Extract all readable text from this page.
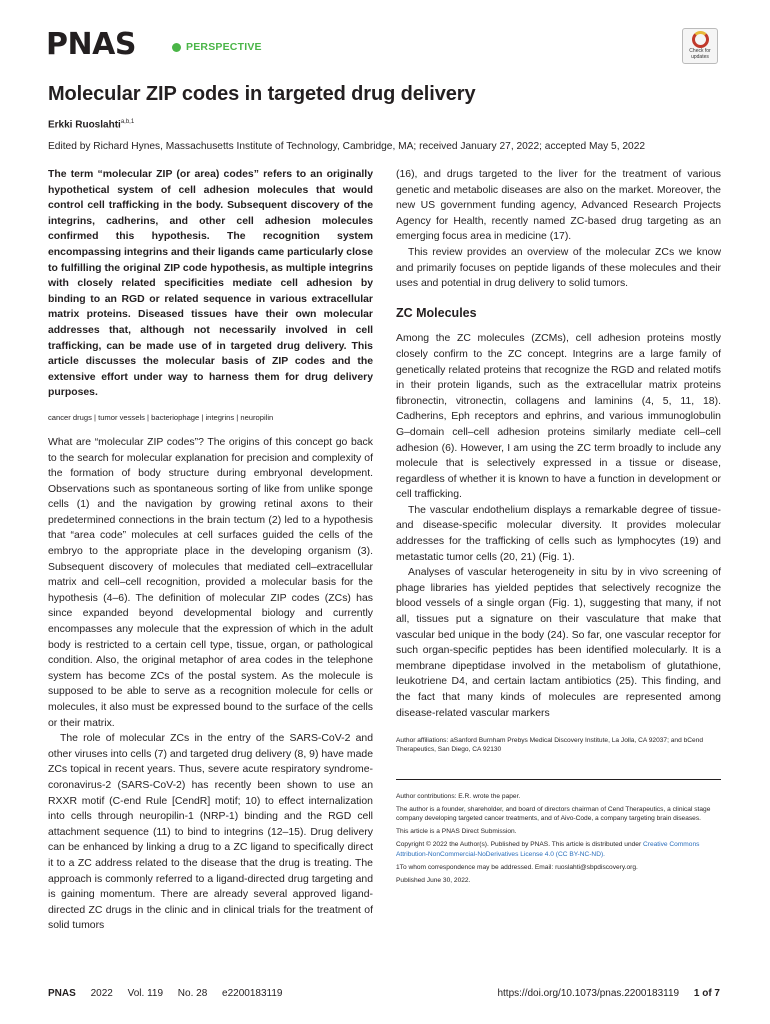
PNAS	PERSPECTIVE	Check for updates
Molecular ZIP codes in targeted drug delivery
Erkki Ruoslahti$^{a,b,1}$
Edited by Richard Hynes, Massachusetts Institute of Technology, Cambridge, MA; received January 27, 2022; accepted May 5, 2022

The term “molecular ZIP (or area) codes” refers to an originally hypothetical system of cell adhesion molecules that would control cell trafficking in the body. Subsequent discovery of the integrins, cadherins, and other cell adhesion molecules confirmed this hypothesis. The recognition system encompassing integrins and their ligands came particularly close to fulfilling the original ZIP code hypothesis, as multiple integrins with closely related specificities mediate cell adhesion by binding to an RGD or related sequence in various extracellular matrix proteins. Diseased tissues have their own molecular addresses that, although not necessarily involved in cell trafficking, can be made use of in targeted drug delivery. This article discusses the molecular basis of ZIP codes and the extensive effort under way to harness them for drug delivery purposes.

cancer drugs | tumor vessels | bacteriophage | integrins | neuropilin

What are “molecular ZIP codes”? The origins of this concept go back to the search for molecular explanation for precision and complexity of the formation of body structure during embryonal development. Observations such as spontaneous sorting of like from unlike sponge cells (1) and the navigation by growing retinal axons to their predetermined connections in the brain tectum (2) led to a hypothesis that “area code” molecules at cell surfaces guided the cells of the embryo to the appropriate place in the developing organism (3). Subsequent discovery of molecules that mediated cell–extracellular matrix and cell–cell recognition, provided a molecular basis for the hypothesis (4–6). The definition of molecular ZIP codes (ZCs) has since expanded beyond developmental biology and currently encompasses any molecule that the expression of which in the adult body is restricted to a certain cell type, tissue, organ, or pathological condition. Also, the original metaphor of area codes in the telephone system has become ZCs of the postal system. As the molecule is supposed to be able to serve as a recognition molecule for cells or molecules, it also must be expressed bound to the surface of the cells or their matrix.

The role of molecular ZCs in the entry of the SARS-CoV-2 and other viruses into cells (7) and targeted drug delivery (8, 9) have made ZCs topical in recent years. Thus, severe acute respiratory syndrome-coronavirus-2 (SARS-CoV-2) has recently been shown to use an RXXR motif (C-end Rule [CendR] motif; 10) to effect internalization into cells through neuropilin-1 (NRP-1) binding and the RGD cell attachment sequence (11) to bind to integrins (12–15). Drug delivery can be enhanced by linking a drug to a ZC ligand to specifically direct it to a ZC address related to the disease that the drug is treating. The approach is commonly referred to a ligand-directed drug targeting and is gaining momentum. There are already several approved ligand-directed ZC drugs in the clinic and in clinical trials for the treatment of solid tumors

(16), and drugs targeted to the liver for the treatment of various genetic and metabolic diseases are also on the market. Moreover, the new US government funding agency, Advanced Research Projects Agency for Health, recently named ZC-based drug targeting as an emerging focus area in medicine (17).

This review provides an overview of the molecular ZCs we know and primarily focuses on peptide ligands of these molecules and their uses and potential in drug delivery to solid tumors.

ZC Molecules

Among the ZC molecules (ZCMs), cell adhesion proteins mostly closely confirm to the ZC concept. Integrins are a large family of genetically related proteins that recognize the RGD and related motifs in their protein ligands, such as the extracellular matrix proteins fibronectin, vitronectin, collagens and laminins (4, 5, 11, 18). Cadherins, Eph receptors and ephrins, and various immunoglobulin G–domain cell–cell adhesion proteins similarly mediate cell–cell adhesion (6). However, I am using the ZC term broadly to include any molecule that is selectively expressed in a tissue or disease, regardless of whether it is known to have a function in development or cell trafficking.

The vascular endothelium displays a remarkable degree of tissue- and disease-specific molecular diversity. It provides molecular addresses for the trafficking of cells such as lymphocytes (19) and metastatic tumor cells (20, 21) (Fig. 1).

Analyses of vascular heterogeneity in situ by in vivo screening of phage libraries has yielded peptides that selectively recognize the blood vessels of a single organ (Fig. 1), suggesting that many, if not all, tissues put a signature on their vasculature that make that vascular bed unique in the body (24). So far, one vascular receptor for such organ-specific peptides has been identified molecularly. It is a membrane dipeptidase involved in the metabolism of glutathione, leukotriene D4, and certain lactam antibiotics (25). This finding, and the fact that many kinds of molecules are represented among disease-related vascular markers

Author affiliations: aSanford Burnham Prebys Medical Discovery Institute, La Jolla, CA 92037; and bCend Therapeutics, San Diego, CA 92130

Author contributions: E.R. wrote the paper.

The author is a founder, shareholder, and board of directors chairman of Cend Therapeutics, a clinical stage company developing targeted cancer treatments, and of Aivo-Code, a company targeting brain diseases.

This article is a PNAS Direct Submission.

Copyright © 2022 the Author(s). Published by PNAS. This article is distributed under Creative Commons Attribution-NonCommercial-NoDerivatives License 4.0 (CC BY-NC-ND).

1To whom correspondence may be addressed. Email: ruoslahti@sbpdiscovery.org.

Published June 30, 2022.

PNAS 2022 Vol. 119 No. 28 e2200183119	https://doi.org/10.1073/pnas.2200183119 1 of 7
